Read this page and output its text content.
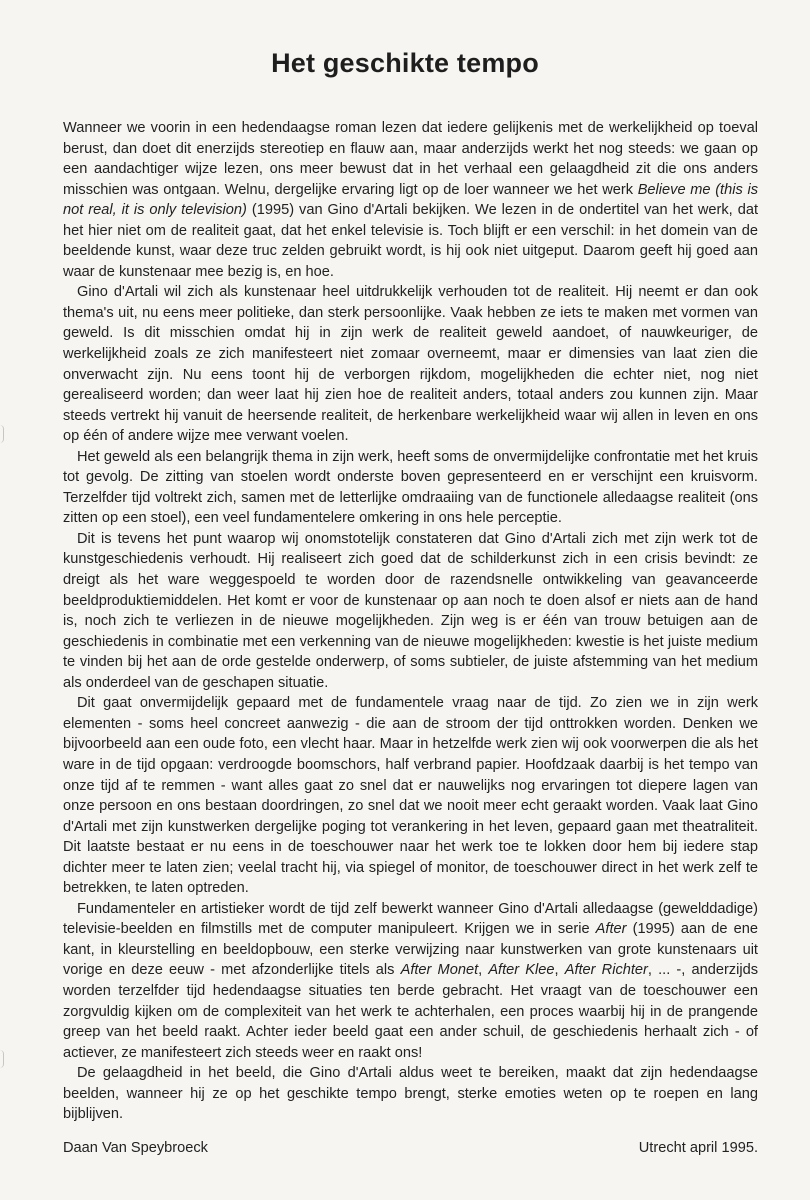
Het geschikte tempo

Wanneer we voorin in een hedendaagse roman lezen dat iedere gelijkenis met de werkelijkheid op toeval berust, dan doet dit enerzijds stereotiep en flauw aan, maar anderzijds werkt het nog steeds: we gaan op een aandachtiger wijze lezen, ons meer bewust dat in het verhaal een gelaagdheid zit die ons anders misschien was ontgaan. Welnu, dergelijke ervaring ligt op de loer wanneer we het werk Believe me (this is not real, it is only television) (1995) van Gino d'Artali bekijken. We lezen in de ondertitel van het werk, dat het hier niet om de realiteit gaat, dat het enkel televisie is. Toch blijft er een verschil: in het domein van de beeldende kunst, waar deze truc zelden gebruikt wordt, is hij ook niet uitgeput. Daarom geeft hij goed aan waar de kunstenaar mee bezig is, en hoe.

Gino d'Artali wil zich als kunstenaar heel uitdrukkelijk verhouden tot de realiteit. Hij neemt er dan ook thema's uit, nu eens meer politieke, dan sterk persoonlijke. Vaak hebben ze iets te maken met vormen van geweld. Is dit misschien omdat hij in zijn werk de realiteit geweld aandoet, of nauwkeuriger, de werkelijkheid zoals ze zich manifesteert niet zomaar overneemt, maar er dimensies van laat zien die onverwacht zijn. Nu eens toont hij de verborgen rijkdom, mogelijkheden die echter niet, nog niet gerealiseerd worden; dan weer laat hij zien hoe de realiteit anders, totaal anders zou kunnen zijn. Maar steeds vertrekt hij vanuit de heersende realiteit, de herkenbare werkelijkheid waar wij allen in leven en ons op één of andere wijze mee verwant voelen.

Het geweld als een belangrijk thema in zijn werk, heeft soms de onvermijdelijke confrontatie met het kruis tot gevolg. De zitting van stoelen wordt onderste boven gepresenteerd en er verschijnt een kruisvorm. Terzelfder tijd voltrekt zich, samen met de letterlijke omdraaiing van de functionele alledaagse realiteit (ons zitten op een stoel), een veel fundamentelere omkering in ons hele perceptie.

Dit is tevens het punt waarop wij onomstotelijk constateren dat Gino d'Artali zich met zijn werk tot de kunstgeschiedenis verhoudt. Hij realiseert zich goed dat de schilderkunst zich in een crisis bevindt: ze dreigt als het ware weggespoeld te worden door de razendsnelle ontwikkeling van geavanceerde beeldproduktiemiddelen. Het komt er voor de kunstenaar op aan noch te doen alsof er niets aan de hand is, noch zich te verliezen in de nieuwe mogelijkheden. Zijn weg is er één van trouw betuigen aan de geschiedenis in combinatie met een verkenning van de nieuwe mogelijkheden: kwestie is het juiste medium te vinden bij het aan de orde gestelde onderwerp, of soms subtieler, de juiste afstemming van het medium als onderdeel van de geschapen situatie.

Dit gaat onvermijdelijk gepaard met de fundamentele vraag naar de tijd. Zo zien we in zijn werk elementen - soms heel concreet aanwezig - die aan de stroom der tijd onttrokken worden. Denken we bijvoorbeeld aan een oude foto, een vlecht haar. Maar in hetzelfde werk zien wij ook voorwerpen die als het ware in de tijd opgaan: verdroogde boomschors, half verbrand papier. Hoofdzaak daarbij is het tempo van onze tijd af te remmen - want alles gaat zo snel dat er nauwelijks nog ervaringen tot diepere lagen van onze persoon en ons bestaan doordringen, zo snel dat we nooit meer echt geraakt worden. Vaak laat Gino d'Artali met zijn kunstwerken dergelijke poging tot verankering in het leven, gepaard gaan met theatraliteit. Dit laatste bestaat er nu eens in de toeschouwer naar het werk toe te lokken door hem bij iedere stap dichter meer te laten zien; veelal tracht hij, via spiegel of monitor, de toeschouwer direct in het werk zelf te betrekken, te laten optreden.

Fundamenteler en artistieker wordt de tijd zelf bewerkt wanneer Gino d'Artali alledaagse (gewelddadige) televisie-beelden en filmstills met de computer manipuleert. Krijgen we in serie After (1995) aan de ene kant, in kleurstelling en beeldopbouw, een sterke verwijzing naar kunstwerken van grote kunstenaars uit vorige en deze eeuw - met afzonderlijke titels als After Monet, After Klee, After Richter, ... -, anderzijds worden terzelfder tijd hedendaagse situaties ten berde gebracht. Het vraagt van de toeschouwer een zorgvuldig kijken om de complexiteit van het werk te achterhalen, een proces waarbij hij in de prangende greep van het beeld raakt. Achter ieder beeld gaat een ander schuil, de geschiedenis herhaalt zich - of actiever, ze manifesteert zich steeds weer en raakt ons!

De gelaagdheid in het beeld, die Gino d'Artali aldus weet te bereiken, maakt dat zijn hedendaagse beelden, wanneer hij ze op het geschikte tempo brengt, sterke emoties weten op te roepen en lang bijblijven.

Daan Van Speybroeck	Utrecht april 1995.
